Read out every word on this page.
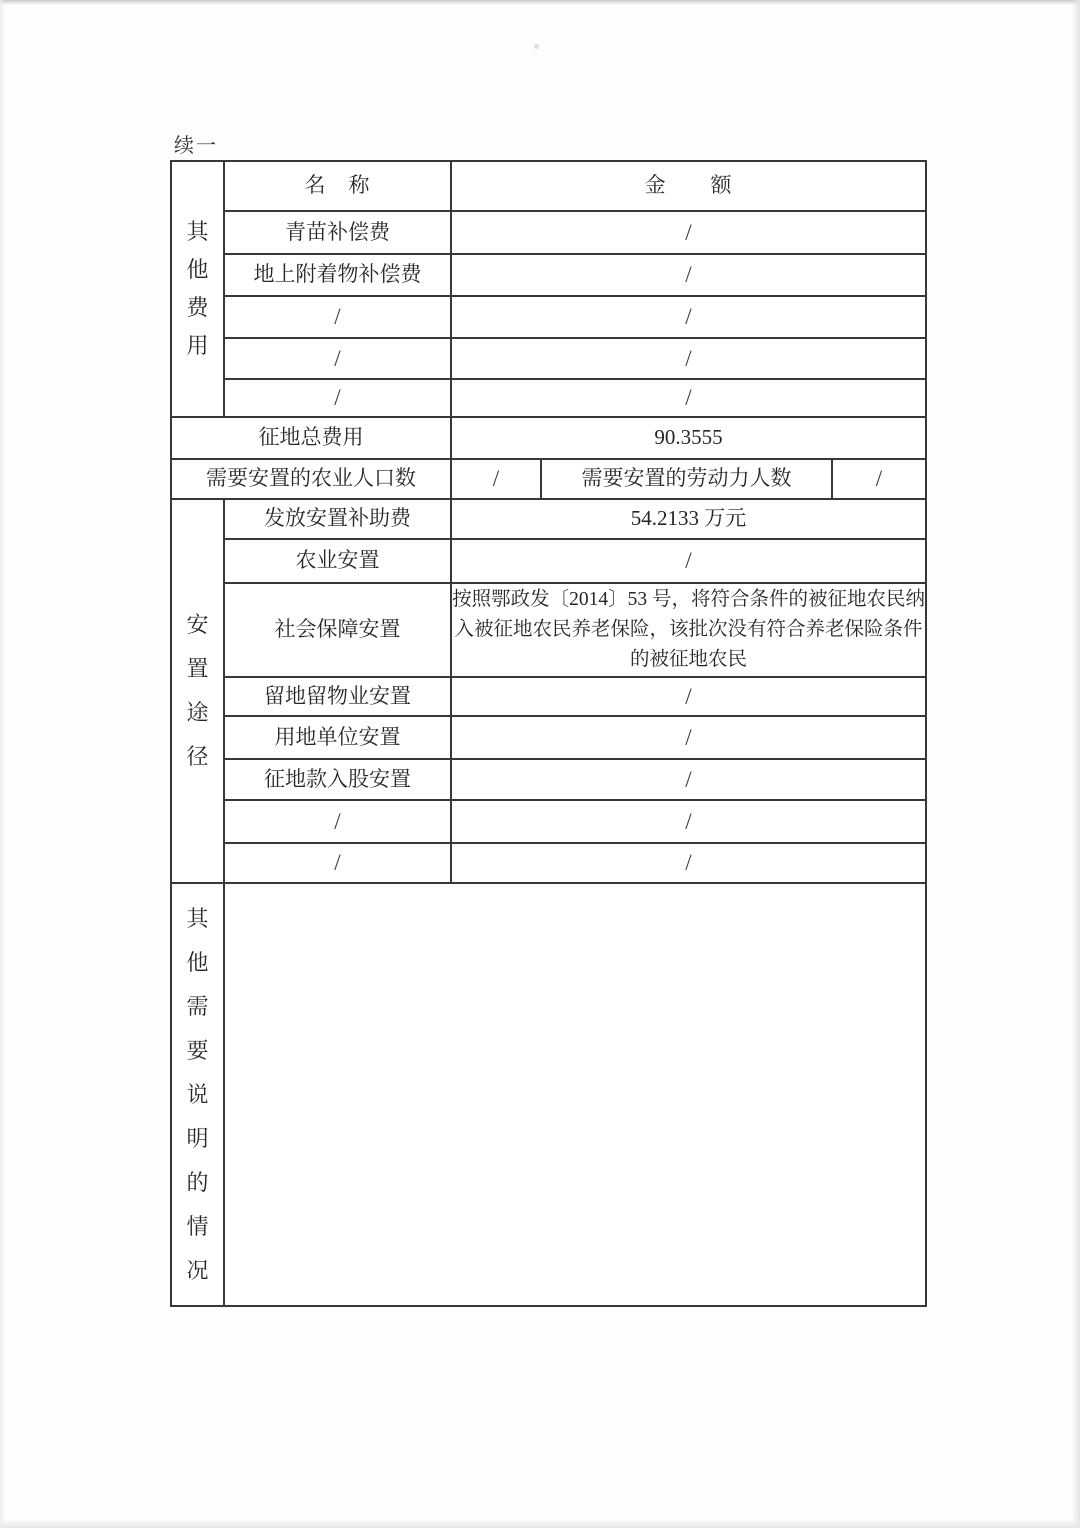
续一
其
他
费
用
名　称	金　　额
青苗补偿费	/
地上附着物补偿费	/
/	/
/	/
/	/
征地总费用	90.3555
需要安置的农业人口数	/	需要安置的劳动力人数	/
安
置
途
径
发放安置补助费	54.2133 万元
农业安置	/
社会保障安置
按照鄂政发〔2014〕53 号，将符合条件的被征地农民纳
入被征地农民养老保险，该批次没有符合养老保险条件
的被征地农民
留地留物业安置	/
用地单位安置	/
征地款入股安置	/
/	/
/	/
其
他
需
要
说
明
的
情
况
